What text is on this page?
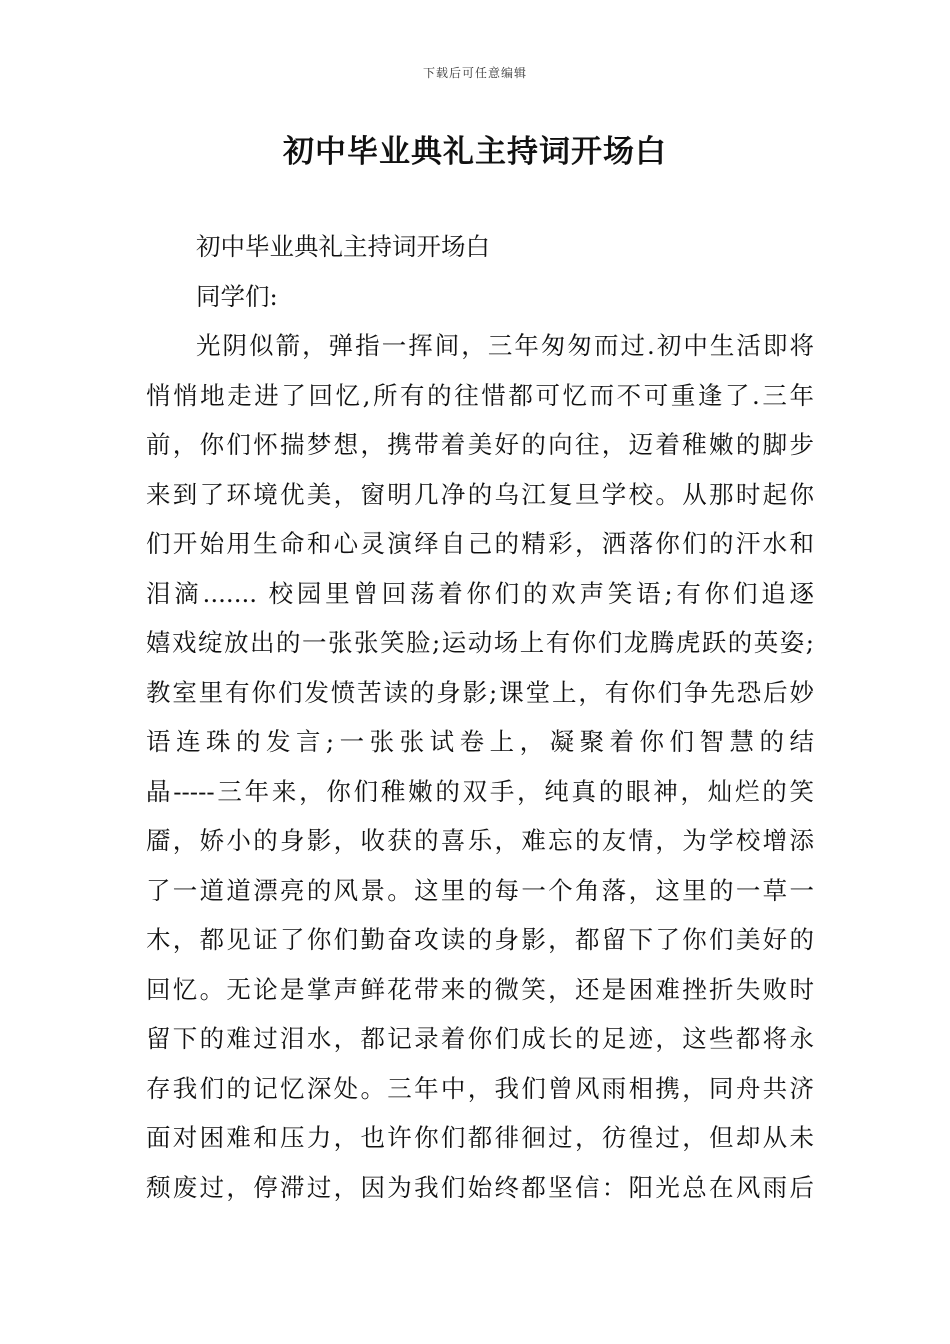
下载后可任意编辑
初中毕业典礼主持词开场白
初中毕业典礼主持词开场白
同学们:
光阴似箭，弹指一挥间，三年匆匆而过.初中生活即将
悄悄地走进了回忆,所有的往惜都可忆而不可重逢了.三年
前，你们怀揣梦想，携带着美好的向往，迈着稚嫩的脚步
来到了环境优美，窗明几净的乌江复旦学校。从那时起你
们开始用生命和心灵演绎自己的精彩，洒落你们的汗水和
泪滴....... 校园里曾回荡着你们的欢声笑语;有你们追逐
嬉戏绽放出的一张张笑脸;运动场上有你们龙腾虎跃的英姿;
教室里有你们发愤苦读的身影;课堂上，有你们争先恐后妙
语连珠的发言;一张张试卷上，凝聚着你们智慧的结
晶-----三年来，你们稚嫩的双手，纯真的眼神，灿烂的笑
靥，娇小的身影，收获的喜乐，难忘的友情，为学校增添
了一道道漂亮的风景。这里的每一个角落，这里的一草一
木，都见证了你们勤奋攻读的身影，都留下了你们美好的
回忆。无论是掌声鲜花带来的微笑，还是困难挫折失败时
留下的难过泪水，都记录着你们成长的足迹，这些都将永
存我们的记忆深处。三年中，我们曾风雨相携，同舟共济
面对困难和压力，也许你们都徘徊过，彷徨过，但却从未
颓废过，停滞过，因为我们始终都坚信：阳光总在风雨后
